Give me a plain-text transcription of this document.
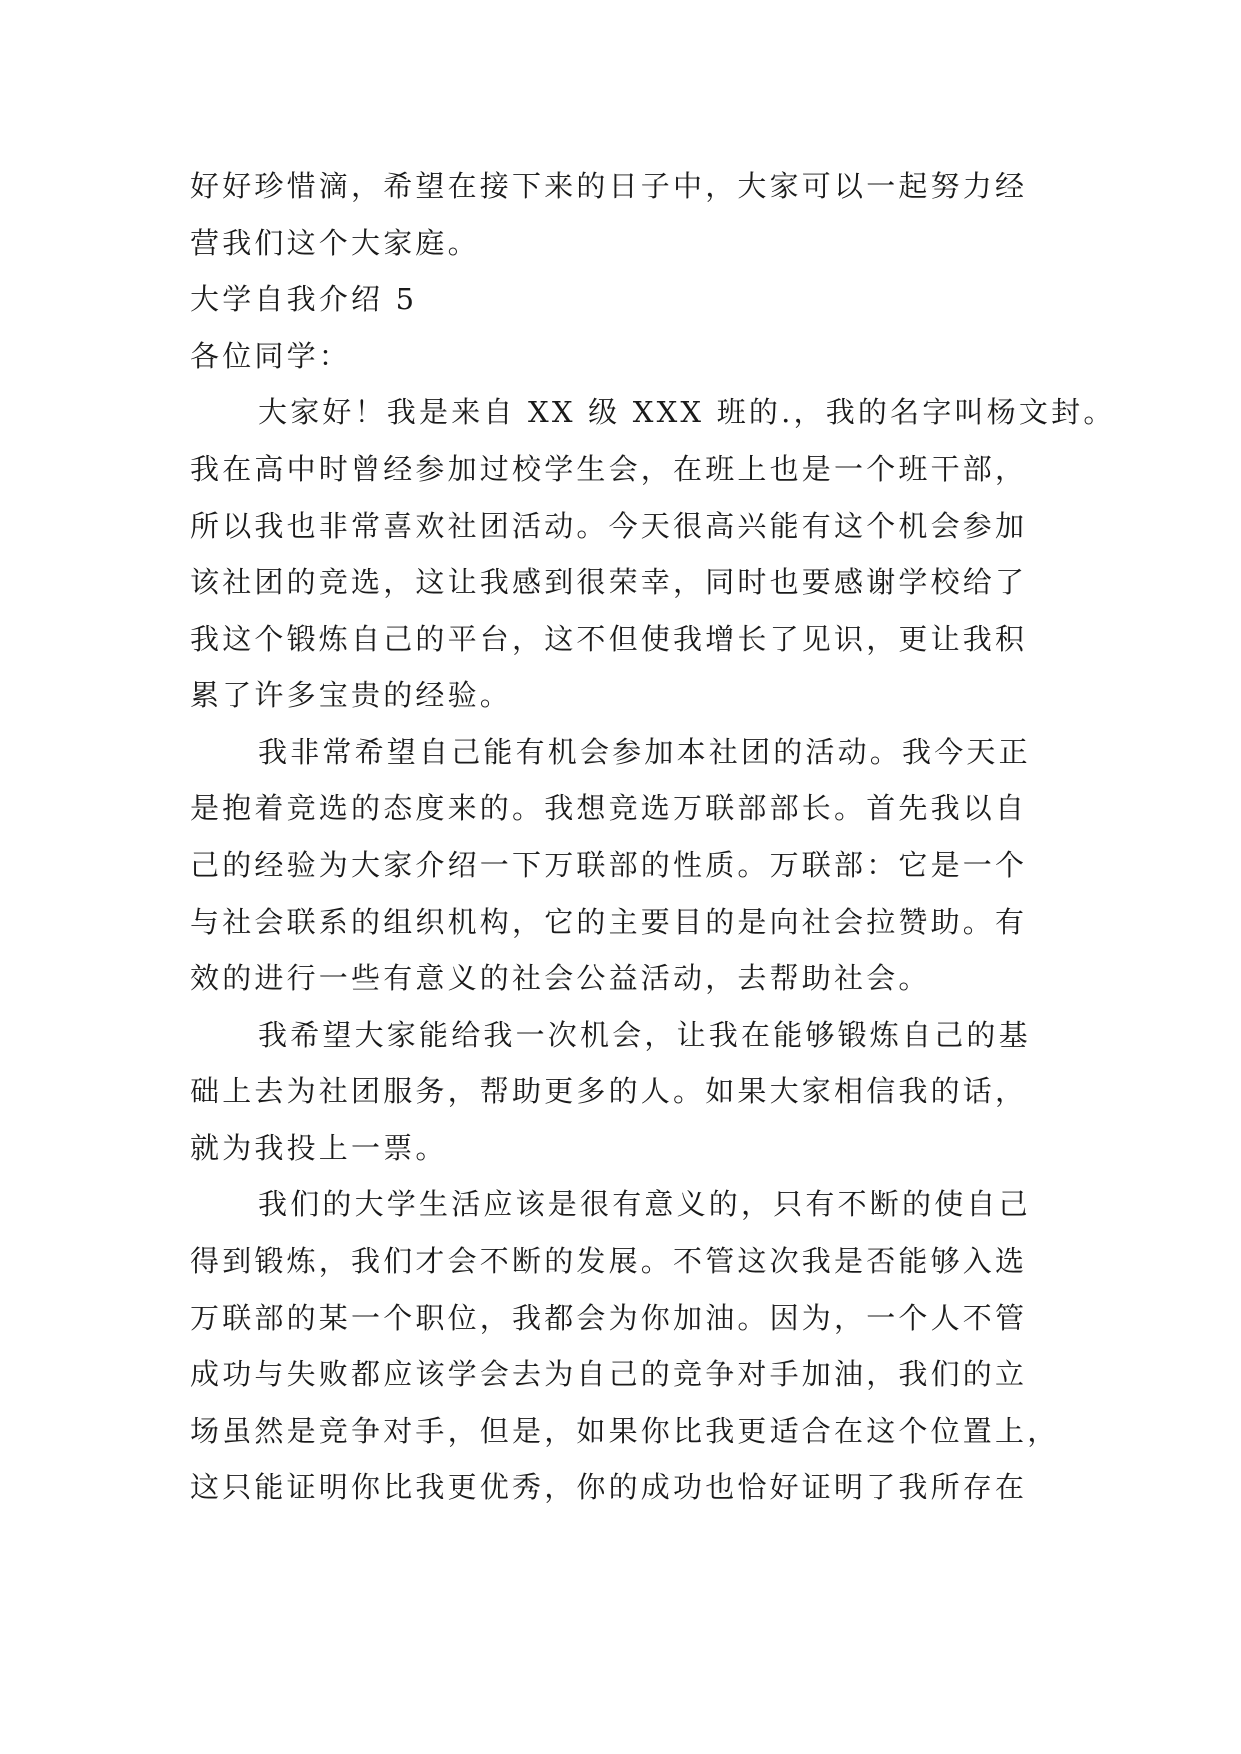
好好珍惜滴，希望在接下来的日子中，大家可以一起努力经
营我们这个大家庭。
大学自我介绍 5
各位同学：
大家好！我是来自 XX 级 XXX 班的.，我的名字叫杨文封。
我在高中时曾经参加过校学生会，在班上也是一个班干部，
所以我也非常喜欢社团活动。今天很高兴能有这个机会参加
该社团的竞选，这让我感到很荣幸，同时也要感谢学校给了
我这个锻炼自己的平台，这不但使我增长了见识，更让我积
累了许多宝贵的经验。
我非常希望自己能有机会参加本社团的活动。我今天正
是抱着竞选的态度来的。我想竞选万联部部长。首先我以自
己的经验为大家介绍一下万联部的性质。万联部：它是一个
与社会联系的组织机构，它的主要目的是向社会拉赞助。有
效的进行一些有意义的社会公益活动，去帮助社会。
我希望大家能给我一次机会，让我在能够锻炼自己的基
础上去为社团服务，帮助更多的人。如果大家相信我的话，
就为我投上一票。
我们的大学生活应该是很有意义的，只有不断的使自己
得到锻炼，我们才会不断的发展。不管这次我是否能够入选
万联部的某一个职位，我都会为你加油。因为，一个人不管
成功与失败都应该学会去为自己的竞争对手加油，我们的立
场虽然是竞争对手，但是，如果你比我更适合在这个位置上，
这只能证明你比我更优秀，你的成功也恰好证明了我所存在
